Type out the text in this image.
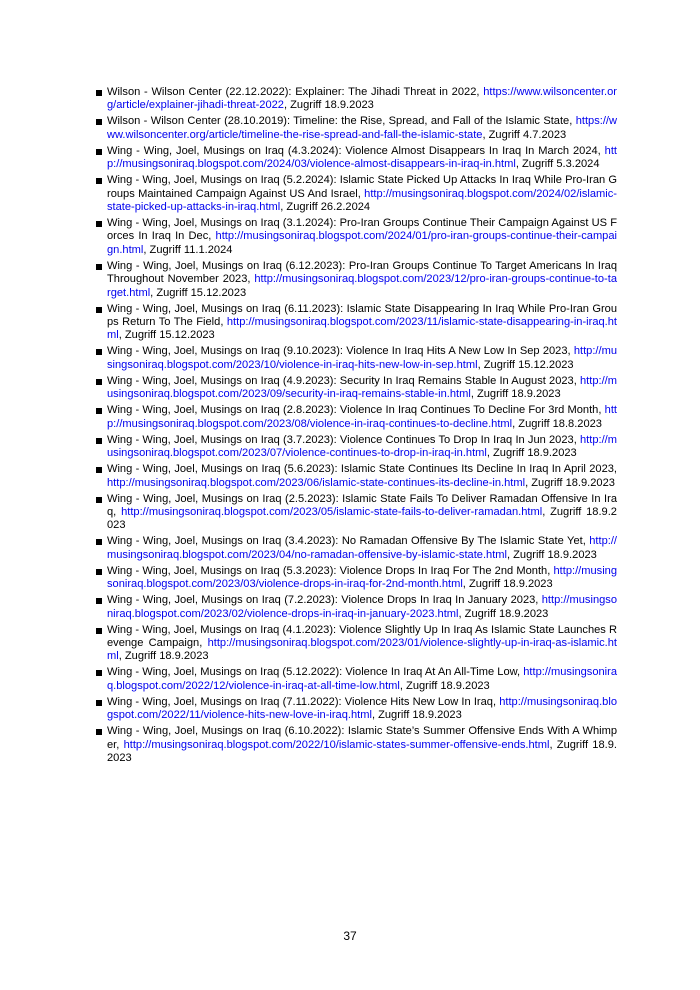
Wilson - Wilson Center (22.12.2022): Explainer: The Jihadi Threat in 2022, https://www.wilsoncenter.org/article/explainer-jihadi-threat-2022, Zugriff 18.9.2023
Wilson - Wilson Center (28.10.2019): Timeline: the Rise, Spread, and Fall of the Islamic State, https://www.wilsoncenter.org/article/timeline-the-rise-spread-and-fall-the-islamic-state, Zugriff 4.7.2023
Wing - Wing, Joel, Musings on Iraq (4.3.2024): Violence Almost Disappears In Iraq In March 2024, http://musingsoniraq.blogspot.com/2024/03/violence-almost-disappears-in-iraq-in.html, Zugriff 5.3.2024
Wing - Wing, Joel, Musings on Iraq (5.2.2024): Islamic State Picked Up Attacks In Iraq While Pro-Iran Groups Maintained Campaign Against US And Israel, http://musingsoniraq.blogspot.com/2024/02/islamic-state-picked-up-attacks-in-iraq.html, Zugriff 26.2.2024
Wing - Wing, Joel, Musings on Iraq (3.1.2024): Pro-Iran Groups Continue Their Campaign Against US Forces In Iraq In Dec, http://musingsoniraq.blogspot.com/2024/01/pro-iran-groups-continue-their-campaign.html, Zugriff 11.1.2024
Wing - Wing, Joel, Musings on Iraq (6.12.2023): Pro-Iran Groups Continue To Target Americans In Iraq Throughout November 2023, http://musingsoniraq.blogspot.com/2023/12/pro-iran-groups-continue-to-target.html, Zugriff 15.12.2023
Wing - Wing, Joel, Musings on Iraq (6.11.2023): Islamic State Disappearing In Iraq While Pro-Iran Groups Return To The Field, http://musingsoniraq.blogspot.com/2023/11/islamic-state-disappearing-in-iraq.html, Zugriff 15.12.2023
Wing - Wing, Joel, Musings on Iraq (9.10.2023): Violence In Iraq Hits A New Low In Sep 2023, http://musingsoniraq.blogspot.com/2023/10/violence-in-iraq-hits-new-low-in-sep.html, Zugriff 15.12.2023
Wing - Wing, Joel, Musings on Iraq (4.9.2023): Security In Iraq Remains Stable In August 2023, http://musingsoniraq.blogspot.com/2023/09/security-in-iraq-remains-stable-in.html, Zugriff 18.9.2023
Wing - Wing, Joel, Musings on Iraq (2.8.2023): Violence In Iraq Continues To Decline For 3rd Month, http://musingsoniraq.blogspot.com/2023/08/violence-in-iraq-continues-to-decline.html, Zugriff 18.8.2023
Wing - Wing, Joel, Musings on Iraq (3.7.2023): Violence Continues To Drop In Iraq In Jun 2023, http://musingsoniraq.blogspot.com/2023/07/violence-continues-to-drop-in-iraq-in.html, Zugriff 18.9.2023
Wing - Wing, Joel, Musings on Iraq (5.6.2023): Islamic State Continues Its Decline In Iraq In April 2023, http://musingsoniraq.blogspot.com/2023/06/islamic-state-continues-its-decline-in.html, Zugriff 18.9.2023
Wing - Wing, Joel, Musings on Iraq (2.5.2023): Islamic State Fails To Deliver Ramadan Offensive In Iraq, http://musingsoniraq.blogspot.com/2023/05/islamic-state-fails-to-deliver-ramadan.html, Zugriff 18.9.2023
Wing - Wing, Joel, Musings on Iraq (3.4.2023): No Ramadan Offensive By The Islamic State Yet, http://musingsoniraq.blogspot.com/2023/04/no-ramadan-offensive-by-islamic-state.html, Zugriff 18.9.2023
Wing - Wing, Joel, Musings on Iraq (5.3.2023): Violence Drops In Iraq For The 2nd Month, http://musingsoniraq.blogspot.com/2023/03/violence-drops-in-iraq-for-2nd-month.html, Zugriff 18.9.2023
Wing - Wing, Joel, Musings on Iraq (7.2.2023): Violence Drops In Iraq In January 2023, http://musingsoniraq.blogspot.com/2023/02/violence-drops-in-iraq-in-january-2023.html, Zugriff 18.9.2023
Wing - Wing, Joel, Musings on Iraq (4.1.2023): Violence Slightly Up In Iraq As Islamic State Launches Revenge Campaign, http://musingsoniraq.blogspot.com/2023/01/violence-slightly-up-in-iraq-as-islamic.html, Zugriff 18.9.2023
Wing - Wing, Joel, Musings on Iraq (5.12.2022): Violence In Iraq At An All-Time Low, http://musingsoniraq.blogspot.com/2022/12/violence-in-iraq-at-all-time-low.html, Zugriff 18.9.2023
Wing - Wing, Joel, Musings on Iraq (7.11.2022): Violence Hits New Low In Iraq, http://musingsoniraq.blogspot.com/2022/11/violence-hits-new-love-in-iraq.html, Zugriff 18.9.2023
Wing - Wing, Joel, Musings on Iraq (6.10.2022): Islamic State’s Summer Offensive Ends With A Whimper, http://musingsoniraq.blogspot.com/2022/10/islamic-states-summer-offensive-ends.html, Zugriff 18.9.2023
37
